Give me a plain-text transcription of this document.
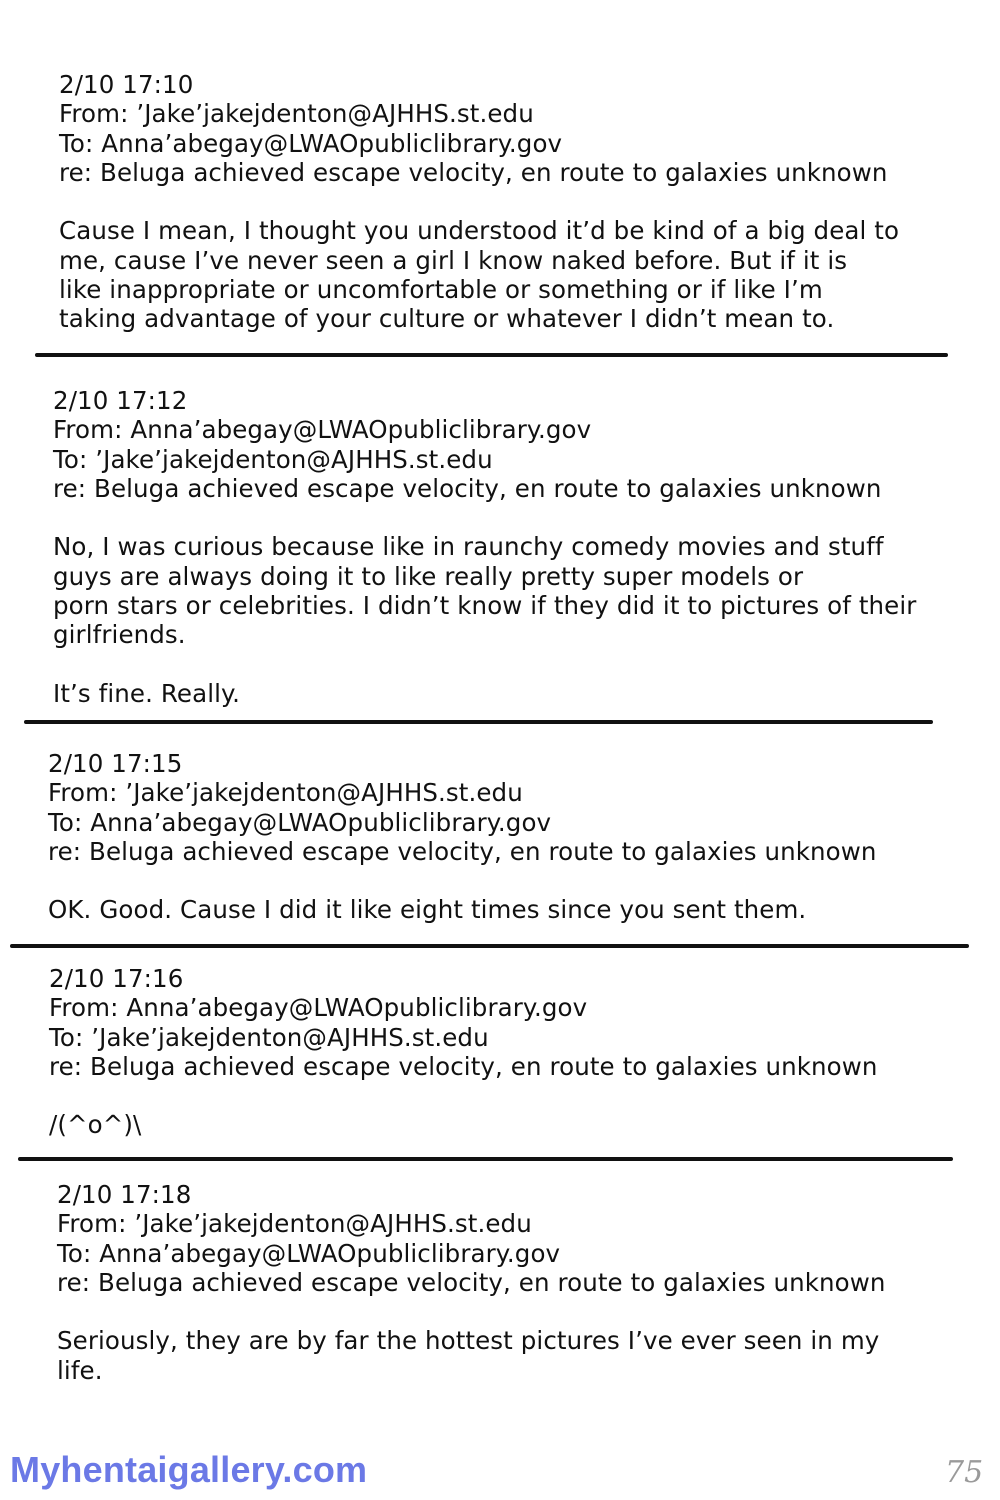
2/10 17:10
From: ’Jake’jakejdenton@AJHHS.st.edu
To: Anna’abegay@LWAOpubliclibrary.gov
re: Beluga achieved escape velocity, en route to galaxies unknown
Cause I mean, I thought you understood it’d be kind of a big deal to
me, cause I’ve never seen a girl I know naked before. But if it is
like inappropriate or uncomfortable or something or if like I’m
taking advantage of your culture or whatever I didn’t mean to.
2/10 17:12
From: Anna’abegay@LWAOpubliclibrary.gov
To: ’Jake’jakejdenton@AJHHS.st.edu
re: Beluga achieved escape velocity, en route to galaxies unknown
No, I was curious because like in raunchy comedy movies and stuff
guys are always doing it to like really pretty super models or
porn stars or celebrities. I didn’t know if they did it to pictures of their
girlfriends.
It’s fine. Really.
2/10 17:15
From: ’Jake’jakejdenton@AJHHS.st.edu
To: Anna’abegay@LWAOpubliclibrary.gov
re: Beluga achieved escape velocity, en route to galaxies unknown
OK. Good. Cause I did it like eight times since you sent them.
2/10 17:16
From: Anna’abegay@LWAOpubliclibrary.gov
To: ’Jake’jakejdenton@AJHHS.st.edu
re: Beluga achieved escape velocity, en route to galaxies unknown
/(^o^)\
2/10 17:18
From: ’Jake’jakejdenton@AJHHS.st.edu
To: Anna’abegay@LWAOpubliclibrary.gov
re: Beluga achieved escape velocity, en route to galaxies unknown
Seriously, they are by far the hottest pictures I’ve ever seen in my
life.
Myhentaigallery.com	75
